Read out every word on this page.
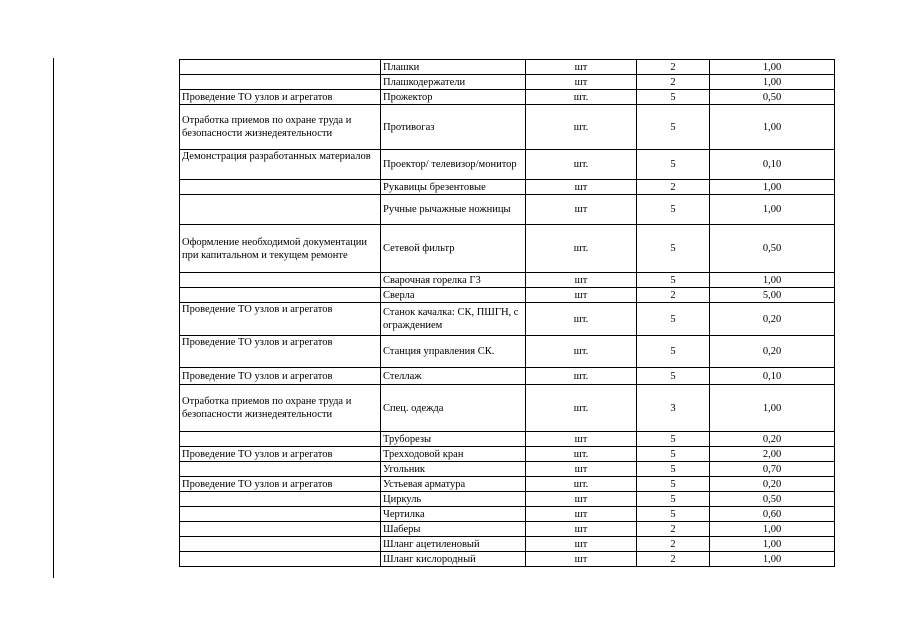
	Плашки	шт	2	1,00
	Плашкодержатели	шт	2	1,00
Проведение ТО узлов и агрегатов	Прожектор	шт.	5	0,50
Отработка приемов по охране труда и безопасности жизнедеятельности	Противогаз	шт.	5	1,00
Демонстрация разработанных материалов	Проектор/ телевизор/монитор	шт.	5	0,10
	Рукавицы брезентовые	шт	2	1,00
	Ручные рычажные ножницы	шт	5	1,00
Оформление необходимой документации при капитальном и текущем ремонте	Сетевой фильтр	шт.	5	0,50
	Сварочная горелка Г3	шт	5	1,00
	Сверла	шт	2	5,00
Проведение ТО узлов и агрегатов	Станок качалка: СК, ПШГН, с ограждением	шт.	5	0,20
Проведение ТО узлов и агрегатов	Станция управления СК.	шт.	5	0,20
Проведение ТО узлов и агрегатов	Стеллаж	шт.	5	0,10
Отработка приемов по охране труда и безопасности жизнедеятельности	Спец. одежда	шт.	3	1,00
	Труборезы	шт	5	0,20
Проведение ТО узлов и агрегатов	Трехходовой кран	шт.	5	2,00
	Угольник	шт	5	0,70
Проведение ТО узлов и агрегатов	Устьевая арматура	шт.	5	0,20
	Циркуль	шт	5	0,50
	Чертилка	шт	5	0,60
	Шаберы	шт	2	1,00
	Шланг ацетиленовый	шт	2	1,00
	Шланг кислородный	шт	2	1,00
